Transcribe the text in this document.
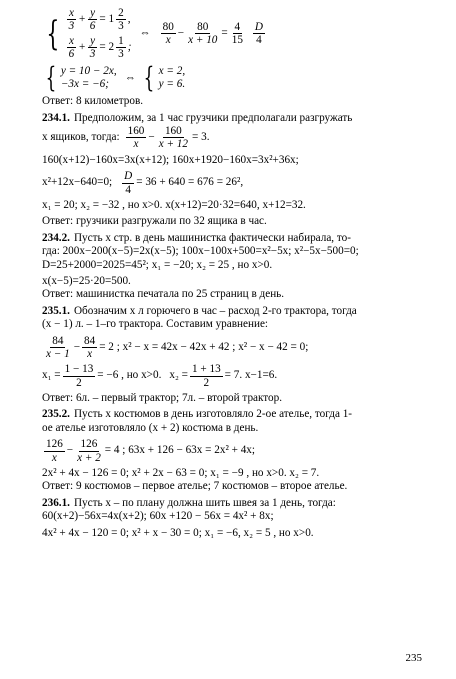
{ $\frac{x}{3} + \frac{y}{6} = 1 \frac{2}{3}$ ,
$\frac{x}{6} + \frac{y}{3} = 2 \frac{1}{3}$ ;
⇔ $\frac{80}{x} - \frac{80}{x + 10} = \frac{4}{15} \frac{D}{4}$
{ y = 10 − 2x,
−3x = −6;
⇔ { x = 2,
y = 6.
Ответ: 8 километров.
234.1. Предположим, за 1 час грузчики предполагали разгружать
x ящиков, тогда: $\frac{160}{x} - \frac{160}{x + 12} = 3$.
160(x+12)−160x=3x(x+12); 160x+1920−160x=3x²+36x;
x²+12x−640=0; $\frac{D}{4} = 36 + 640 = 676 = 26^2$,
x₁ = 20; x₂ = −32 , но x>0. x(x+12)=20·32=640, x+12=32.
Ответ: грузчики разгружали по 32 ящика в час.
234.2. Пусть x стр. в день машинистка фактически набирала, то-
гда: 200x−200(x−5)=2x(x−5); 100x−100x+500=x²−5x; x²−5x−500=0;
D=25+2000=2025=45²; x₁ = −20; x₂ = 25 , но x>0.
x(x−5)=25·20=500.
Ответ: машинистка печатала по 25 страниц в день.
235.1. Обозначим x л горючего в час – расход 2-го трактора, тогда
(x − 1) л. – 1–го трактора. Составим уравнение:
$\frac{84}{x - 1} - \frac{84}{x} = 2$ ; x² − x = 42x − 42x + 42 ; x² − x − 42 = 0;
$x_1 = \frac{1 - 13}{2} = -6$ , но x>0. $x_2 = \frac{1 + 13}{2} = 7$. x−1=6.
Ответ: 6л. – первый трактор; 7л. – второй трактор.
235.2. Пусть x костюмов в день изготовляло 2-ое ателье, тогда 1-
ое ателье изготовляло (x + 2) костюма в день.
$\frac{126}{x} - \frac{126}{x + 2} = 4$ ; 63x + 126 − 63x = 2x² + 4x;
2x² + 4x − 126 = 0; x² + 2x − 63 = 0; x₁ = −9 , но x>0. x₂ = 7.
Ответ: 9 костюмов – первое ателье; 7 костюмов – второе ателье.
236.1. Пусть x – по плану должна шить швея за 1 день, тогда:
60(x+2)−56x=4x(x+2); 60x +120 − 56x = 4x² + 8x;
4x² + 4x − 120 = 0; x² + x − 30 = 0; x₁ = −6, x₂ = 5 , но x>0.
235
